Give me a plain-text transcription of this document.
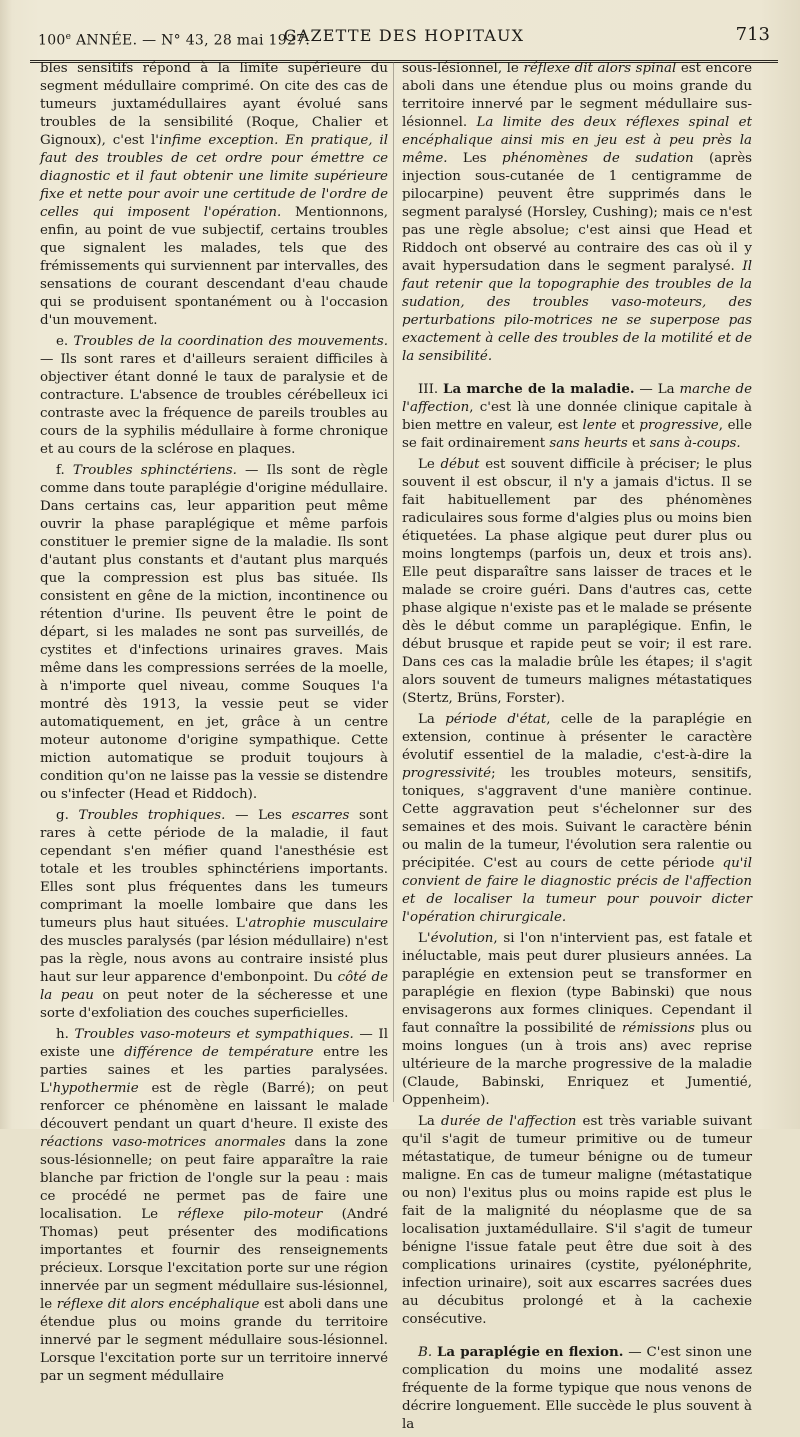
100e ANNÉE. — N° 43, 28 mai 1927.
GAZETTE DES HOPITAUX	713

bles sensitifs répond à la limite supérieure du segment médullaire comprimé. On cite des cas de tumeurs juxtamédullaires ayant évolué sans troubles de la sensibilité (Roque, Chalier et Gignoux), c'est l'infime exception. En pratique, il faut des troubles de cet ordre pour émettre ce diagnostic et il faut obtenir une limite supérieure fixe et nette pour avoir une certitude de l'ordre de celles qui imposent l'opération. Mentionnons, enfin, au point de vue subjectif, certains troubles que signalent les malades, tels que des frémissements qui surviennent par intervalles, des sensations de courant descendant d'eau chaude qui se produisent spontanément ou à l'occasion d'un mouvement.

e. Troubles de la coordination des mouvements. — Ils sont rares et d'ailleurs seraient difficiles à objectiver étant donné le taux de paralysie et de contracture. L'absence de troubles cérébelleux ici contraste avec la fréquence de pareils troubles au cours de la syphilis médullaire à forme chronique et au cours de la sclérose en plaques.

f. Troubles sphinctériens. — Ils sont de règle comme dans toute paraplégie d'origine médullaire. Dans certains cas, leur apparition peut même ouvrir la phase paraplégique et même parfois constituer le premier signe de la maladie. Ils sont d'autant plus constants et d'autant plus marqués que la compression est plus bas située. Ils consistent en gêne de la miction, incontinence ou rétention d'urine. Ils peuvent être le point de départ, si les malades ne sont pas surveillés, de cystites et d'infections urinaires graves. Mais même dans les compressions serrées de la moelle, à n'importe quel niveau, comme Souques l'a montré dès 1913, la vessie peut se vider automatiquement, en jet, grâce à un centre moteur autonome d'origine sympathique. Cette miction automatique se produit toujours à condition qu'on ne laisse pas la vessie se distendre ou s'infecter (Head et Riddoch).

g. Troubles trophiques. — Les escarres sont rares à cette période de la maladie, il faut cependant s'en méfier quand l'anesthésie est totale et les troubles sphinctériens importants. Elles sont plus fréquentes dans les tumeurs comprimant la moelle lombaire que dans les tumeurs plus haut situées. L'atrophie musculaire des muscles paralysés (par lésion médullaire) n'est pas la règle, nous avons au contraire insisté plus haut sur leur apparence d'embonpoint. Du côté de la peau on peut noter de la sécheresse et une sorte d'exfoliation des couches superficielles.

h. Troubles vaso-moteurs et sympathiques. — Il existe une différence de température entre les parties saines et les parties paralysées. L'hypothermie est de règle (Barré); on peut renforcer ce phénomène en laissant le malade découvert pendant un quart d'heure. Il existe des réactions vaso-motrices anormales dans la zone sous-lésionnelle; on peut faire apparaître la raie blanche par friction de l'ongle sur la peau : mais ce procédé ne permet pas de faire une localisation. Le réflexe pilo-moteur (André Thomas) peut présenter des modifications importantes et fournir des renseignements précieux. Lorsque l'excitation porte sur une région innervée par un segment médullaire sus-lésionnel, le réflexe dit alors encéphalique est aboli dans une étendue plus ou moins grande du territoire innervé par le segment médullaire sous-lésionnel. Lorsque l'excitation porte sur un territoire innervé par un segment médullaire

sous-lésionnel, le réflexe dit alors spinal est encore aboli dans une étendue plus ou moins grande du territoire innervé par le segment médullaire sus-lésionnel. La limite des deux réflexes spinal et encéphalique ainsi mis en jeu est à peu près la même. Les phénomènes de sudation (après injection sous-cutanée de 1 centigramme de pilocarpine) peuvent être supprimés dans le segment paralysé (Horsley, Cushing); mais ce n'est pas une règle absolue; c'est ainsi que Head et Riddoch ont observé au contraire des cas où il y avait hypersudation dans le segment paralysé. Il faut retenir que la topographie des troubles de la sudation, des troubles vaso-moteurs, des perturbations pilo-motrices ne se superpose pas exactement à celle des troubles de la motilité et de la sensibilité.

III. La marche de la maladie. — La marche de l'affection, c'est là une donnée clinique capitale à bien mettre en valeur, est lente et progressive, elle se fait ordinairement sans heurts et sans à-coups.

Le début est souvent difficile à préciser; le plus souvent il est obscur, il n'y a jamais d'ictus. Il se fait habituellement par des phénomènes radiculaires sous forme d'algies plus ou moins bien étiquetées. La phase algique peut durer plus ou moins longtemps (parfois un, deux et trois ans). Elle peut disparaître sans laisser de traces et le malade se croire guéri. Dans d'autres cas, cette phase algique n'existe pas et le malade se présente dès le début comme un paraplégique. Enfin, le début brusque et rapide peut se voir; il est rare. Dans ces cas la maladie brûle les étapes; il s'agit alors souvent de tumeurs malignes métastatiques (Stertz, Brüns, Forster).

La période d'état, celle de la paraplégie en extension, continue à présenter le caractère évolutif essentiel de la maladie, c'est-à-dire la progressivité; les troubles moteurs, sensitifs, toniques, s'aggravent d'une manière continue. Cette aggravation peut s'échelonner sur des semaines et des mois. Suivant le caractère bénin ou malin de la tumeur, l'évolution sera ralentie ou précipitée. C'est au cours de cette période qu'il convient de faire le diagnostic précis de l'affection et de localiser la tumeur pour pouvoir dicter l'opération chirurgicale.

L'évolution, si l'on n'intervient pas, est fatale et inéluctable, mais peut durer plusieurs années. La paraplégie en extension peut se transformer en paraplégie en flexion (type Babinski) que nous envisagerons aux formes cliniques. Cependant il faut connaître la possibilité de rémissions plus ou moins longues (un à trois ans) avec reprise ultérieure de la marche progressive de la maladie (Claude, Babinski, Enriquez et Jumentié, Oppenheim).

La durée de l'affection est très variable suivant qu'il s'agit de tumeur primitive ou de tumeur métastatique, de tumeur bénigne ou de tumeur maligne. En cas de tumeur maligne (métastatique ou non) l'exitus plus ou moins rapide est plus le fait de la malignité du néoplasme que de sa localisation juxtamédullaire. S'il s'agit de tumeur bénigne l'issue fatale peut être due soit à des complications urinaires (cystite, pyélonéphrite, infection urinaire), soit aux escarres sacrées dues au décubitus prolongé et à la cachexie consécutive.

B. La paraplégie en flexion. — C'est sinon une complication du moins une modalité assez fréquente de la forme typique que nous venons de décrire longuement. Elle succède le plus souvent à la
